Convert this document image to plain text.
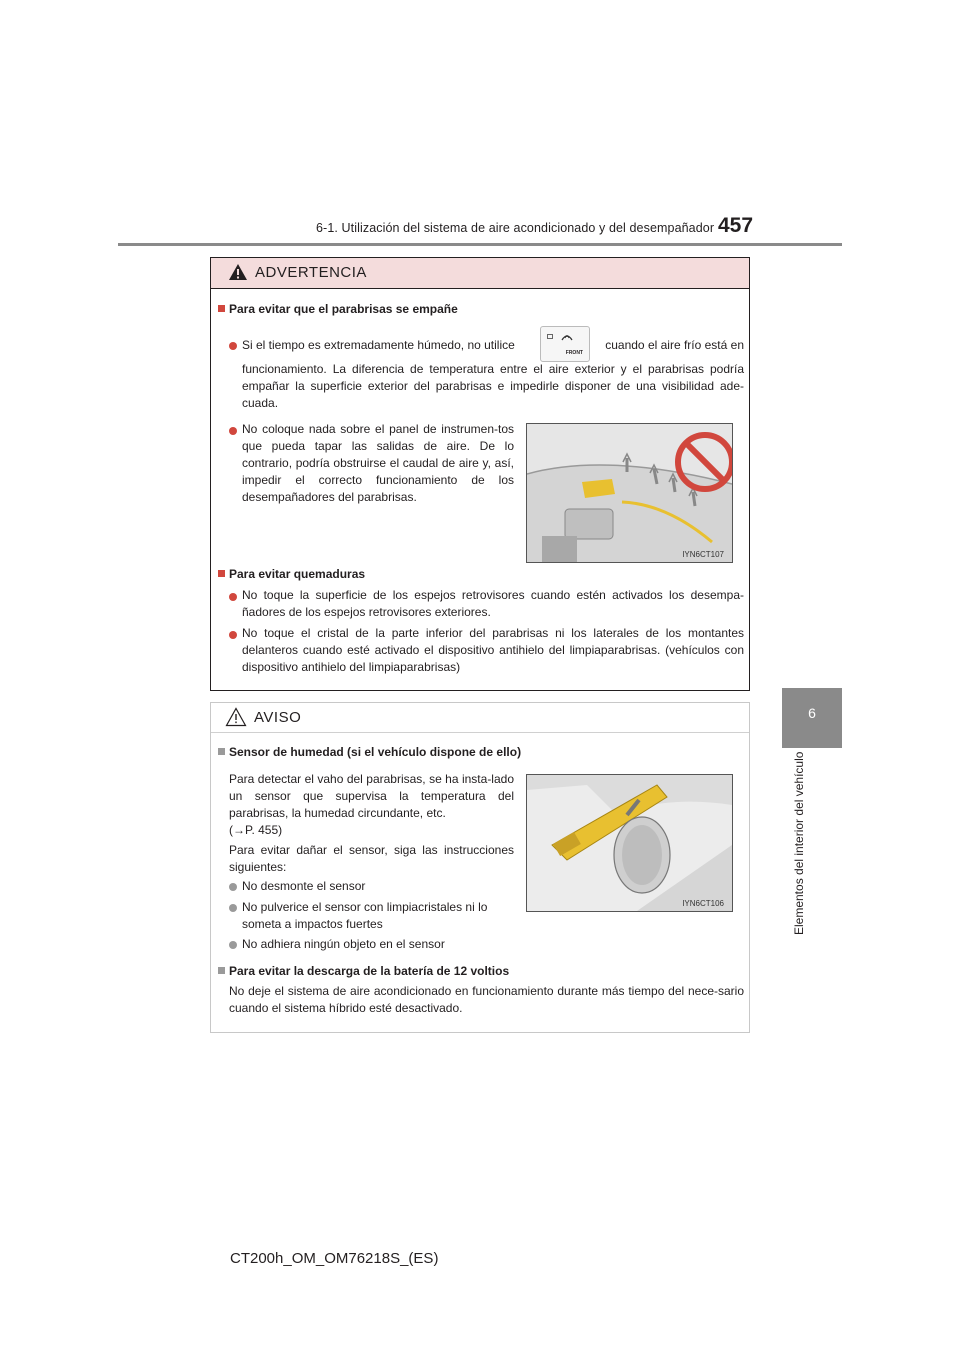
6-1. Utilización del sistema de aire acondicionado y del desempañador 457
6
Elementos del interior del vehículo
ADVERTENCIA
Para evitar que el parabrisas se empañe
Si el tiempo es extremadamente húmedo, no utilice
FRONT
cuando el aire frío está en
funcionamiento. La diferencia de temperatura entre el aire exterior y el parabrisas podría empañar la superficie exterior del parabrisas e impedirle disponer de una visibilidad ade-cuada.
No coloque nada sobre el panel de instrumen-tos que pueda tapar las salidas de aire. De lo contrario, podría obstruirse el caudal de aire y, así, impedir el correcto funcionamiento de los desempañadores del parabrisas.
IYN6CT107
Para evitar quemaduras
No toque la superficie de los espejos retrovisores cuando estén activados los desempa-ñadores de los espejos retrovisores exteriores.
No toque el cristal de la parte inferior del parabrisas ni los laterales de los montantes delanteros cuando esté activado el dispositivo antihielo del limpiaparabrisas. (vehículos con dispositivo antihielo del limpiaparabrisas)
AVISO
Sensor de humedad (si el vehículo dispone de ello)
Para detectar el vaho del parabrisas, se ha insta-lado un sensor que supervisa la temperatura del parabrisas, la humedad circundante, etc.
(→P. 455)
Para evitar dañar el sensor, siga las instrucciones siguientes:
No desmonte el sensor
No pulverice el sensor con limpiacristales ni lo someta a impactos fuertes
No adhiera ningún objeto en el sensor
IYN6CT106
Para evitar la descarga de la batería de 12 voltios
No deje el sistema de aire acondicionado en funcionamiento durante más tiempo del nece-sario cuando el sistema híbrido esté desactivado.
CT200h_OM_OM76218S_(ES)
